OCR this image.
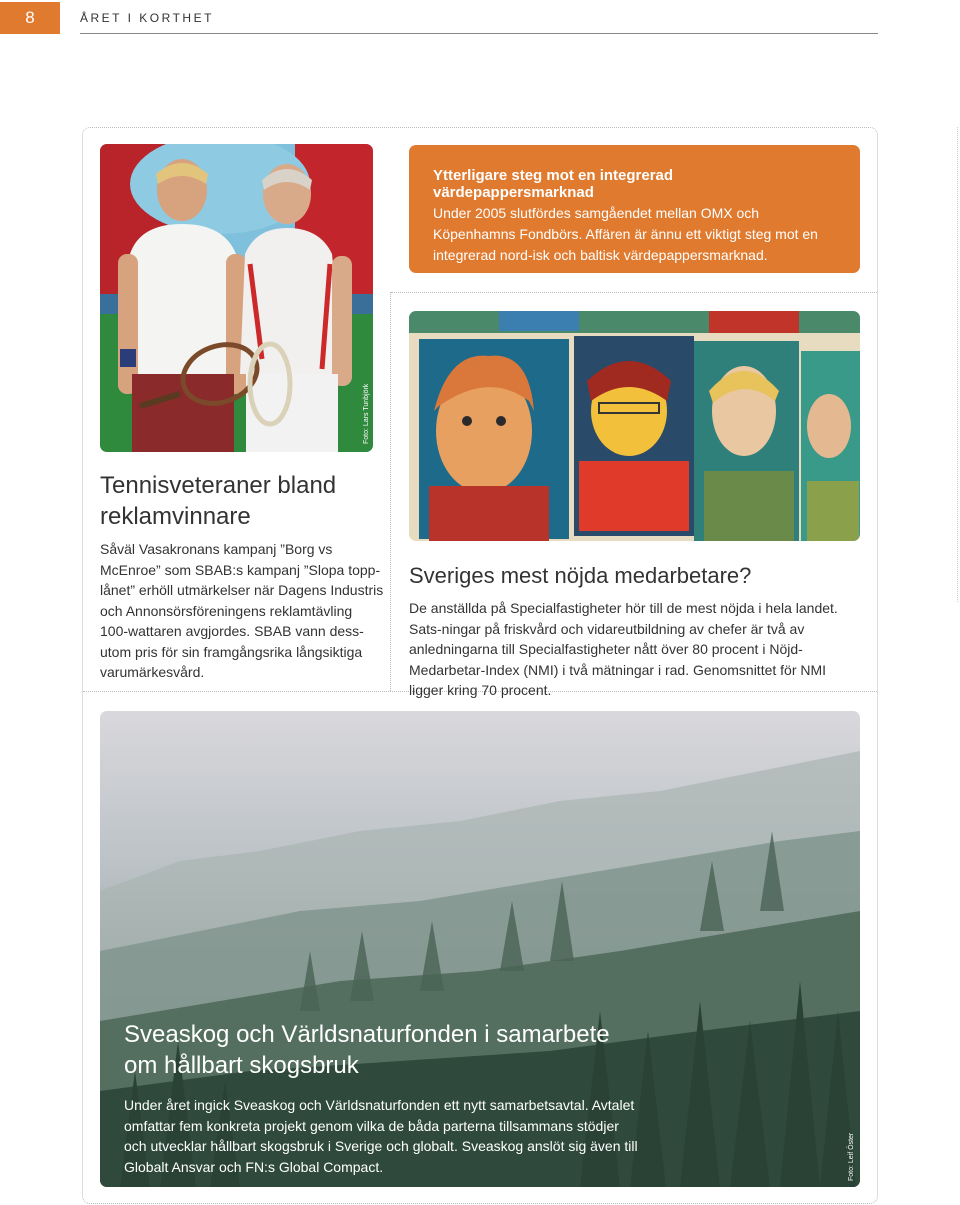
8	ÅRET I KORTHET
Foto: Lars Tunbjörk
Ytterligare steg mot en integrerad värdepappersmarknad
Under 2005 slutfördes samgåendet mellan OMX och Köpenhamns Fondbörs. Affären är ännu ett viktigt steg mot en integrerad nord-isk och baltisk värdepappersmarknad.
Tennisveteraner bland reklamvinnare
Såväl Vasakronans kampanj ”Borg vs McEnroe” som SBAB:s kampanj ”Slopa topp-lånet” erhöll utmärkelser när Dagens Industris och Annonsörsföreningens reklamtävling 100-wattaren avgjordes. SBAB vann dess-utom pris för sin framgångsrika långsiktiga varumärkesvård.
Sveriges mest nöjda medarbetare?
De anställda på Specialfastigheter hör till de mest nöjda i hela landet. Sats-ningar på friskvård och vidareutbildning av chefer är två av anledningarna till Specialfastigheter nått över 80 procent i Nöjd-Medarbetar-Index (NMI) i två mätningar i rad. Genomsnittet för NMI ligger kring 70 procent.
Foto: Leif Öster
Sveaskog och Världsnaturfonden i samarbete om hållbart skogsbruk
Under året ingick Sveaskog och Världsnaturfonden ett nytt samarbetsavtal. Avtalet omfattar fem konkreta projekt genom vilka de båda parterna tillsammans stödjer och utvecklar hållbart skogsbruk i Sverige och globalt. Sveaskog anslöt sig även till Globalt Ansvar och FN:s Global Compact.
